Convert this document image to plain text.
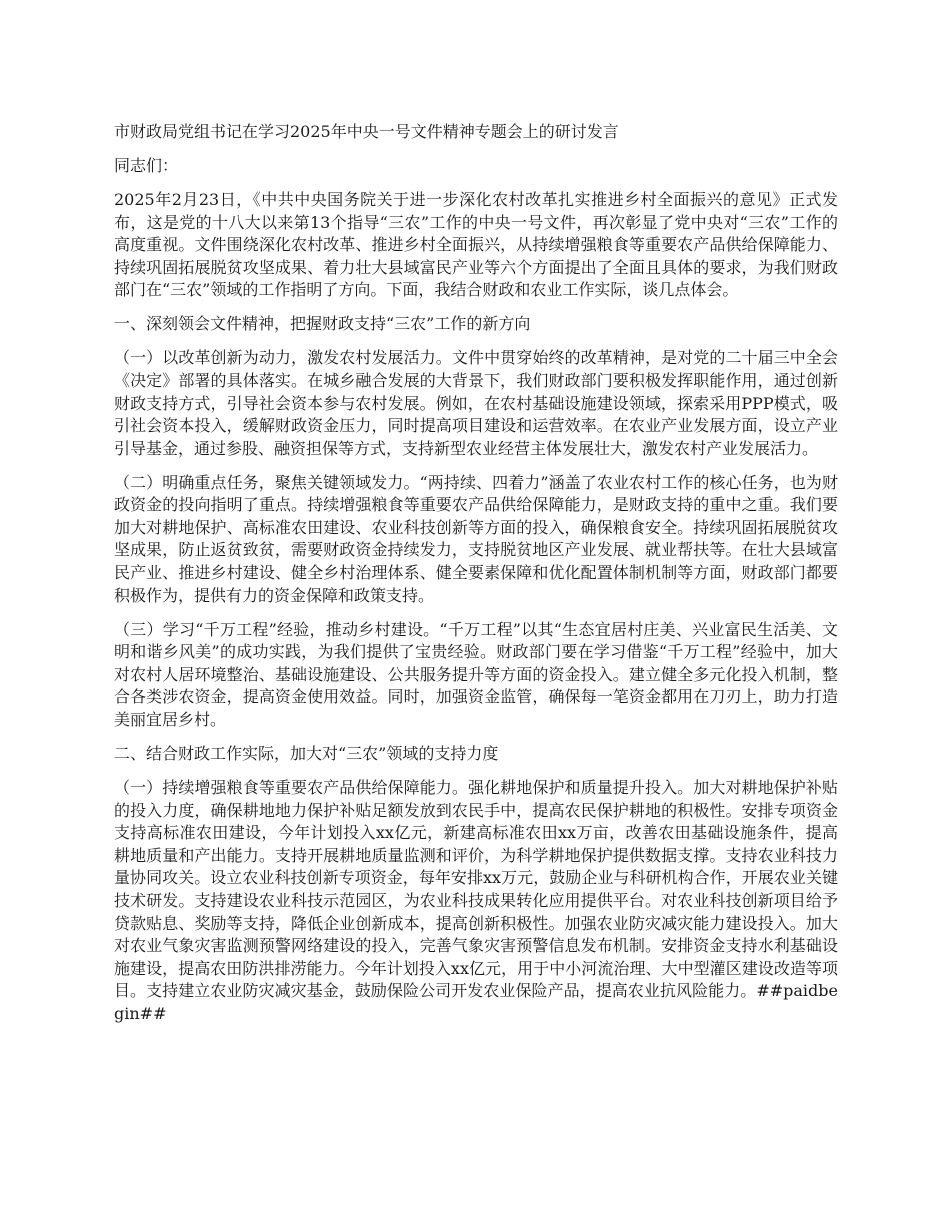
市财政局党组书记在学习2025年中央一号文件精神专题会上的研讨发言

同志们：

2025年2月23日，《中共中央国务院关于进一步深化农村改革扎实推进乡村全面振兴的意见》正式发布，这是党的十八大以来第13个指导“三农”工作的中央一号文件，再次彰显了党中央对“三农”工作的高度重视。文件围绕深化农村改革、推进乡村全面振兴，从持续增强粮食等重要农产品供给保障能力、持续巩固拓展脱贫攻坚成果、着力壮大县域富民产业等六个方面提出了全面且具体的要求，为我们财政部门在“三农”领域的工作指明了方向。下面，我结合财政和农业工作实际，谈几点体会。

一、深刻领会文件精神，把握财政支持“三农”工作的新方向

（一）以改革创新为动力，激发农村发展活力。文件中贯穿始终的改革精神，是对党的二十届三中全会《决定》部署的具体落实。在城乡融合发展的大背景下，我们财政部门要积极发挥职能作用，通过创新财政支持方式，引导社会资本参与农村发展。例如，在农村基础设施建设领域，探索采用PPP模式，吸引社会资本投入，缓解财政资金压力，同时提高项目建设和运营效率。在农业产业发展方面，设立产业引导基金，通过参股、融资担保等方式，支持新型农业经营主体发展壮大，激发农村产业发展活力。

（二）明确重点任务，聚焦关键领域发力。“两持续、四着力”涵盖了农业农村工作的核心任务，也为财政资金的投向指明了重点。持续增强粮食等重要农产品供给保障能力，是财政支持的重中之重。我们要加大对耕地保护、高标准农田建设、农业科技创新等方面的投入，确保粮食安全。持续巩固拓展脱贫攻坚成果，防止返贫致贫，需要财政资金持续发力，支持脱贫地区产业发展、就业帮扶等。在壮大县域富民产业、推进乡村建设、健全乡村治理体系、健全要素保障和优化配置体制机制等方面，财政部门都要积极作为，提供有力的资金保障和政策支持。

（三）学习“千万工程”经验，推动乡村建设。“千万工程”以其“生态宜居村庄美、兴业富民生活美、文明和谐乡风美”的成功实践，为我们提供了宝贵经验。财政部门要在学习借鉴“千万工程”经验中，加大对农村人居环境整治、基础设施建设、公共服务提升等方面的资金投入。建立健全多元化投入机制，整合各类涉农资金，提高资金使用效益。同时，加强资金监管，确保每一笔资金都用在刀刃上，助力打造美丽宜居乡村。

二、结合财政工作实际，加大对“三农”领域的支持力度

（一）持续增强粮食等重要农产品供给保障能力。强化耕地保护和质量提升投入。加大对耕地保护补贴的投入力度，确保耕地地力保护补贴足额发放到农民手中，提高农民保护耕地的积极性。安排专项资金支持高标准农田建设，今年计划投入xx亿元，新建高标准农田xx万亩，改善农田基础设施条件，提高耕地质量和产出能力。支持开展耕地质量监测和评价，为科学耕地保护提供数据支撑。支持农业科技力量协同攻关。设立农业科技创新专项资金，每年安排xx万元，鼓励企业与科研机构合作，开展农业关键技术研发。支持建设农业科技示范园区，为农业科技成果转化应用提供平台。对农业科技创新项目给予贷款贴息、奖励等支持，降低企业创新成本，提高创新积极性。加强农业防灾减灾能力建设投入。加大对农业气象灾害监测预警网络建设的投入，完善气象灾害预警信息发布机制。安排资金支持水利基础设施建设，提高农田防洪排涝能力。今年计划投入xx亿元，用于中小河流治理、大中型灌区建设改造等项目。支持建立农业防灾减灾基金，鼓励保险公司开发农业保险产品，提高农业抗风险能力。##paidbegin##
